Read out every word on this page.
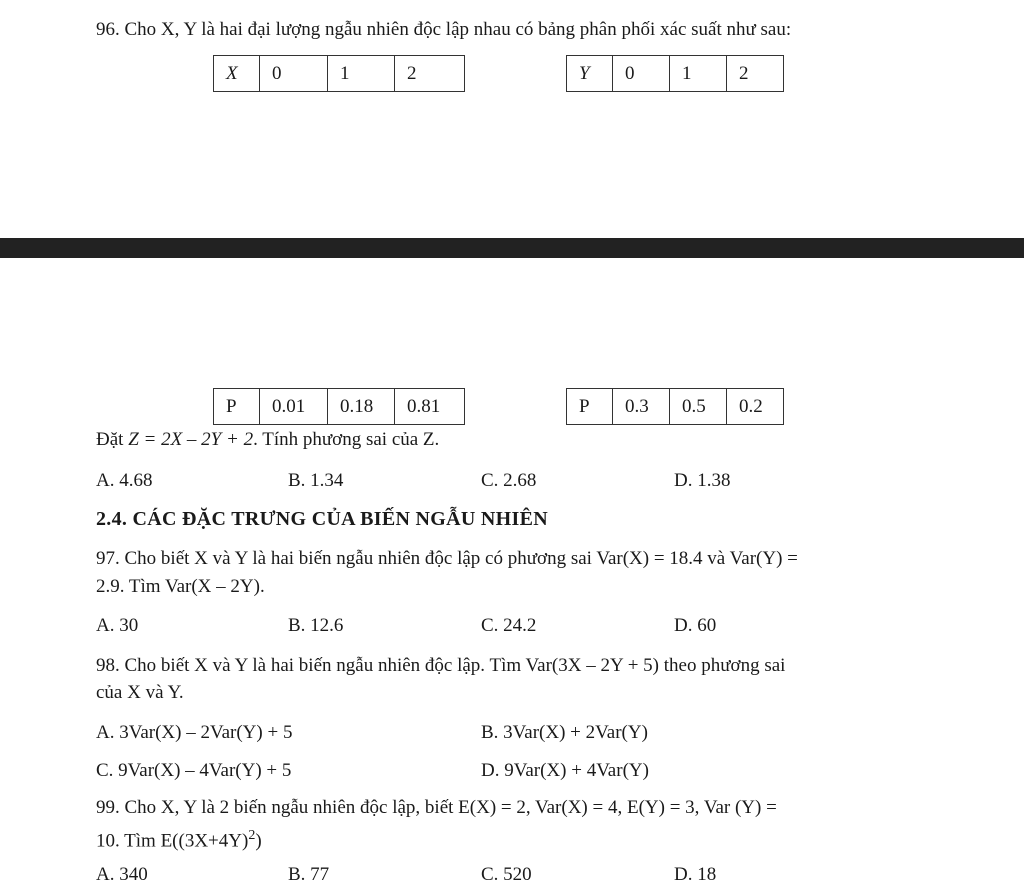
96. Cho X, Y là hai đại lượng ngẫu nhiên độc lập nhau có bảng phân phối xác suất như sau:
X	0	1	2	Y	0	1	2
P	0.01	0.18	0.81	P	0.3	0.5	0.2
Đặt Z = 2X – 2Y + 2. Tính phương sai của Z.
A. 4.68	B. 1.34	C. 2.68	D. 1.38
2.4. CÁC ĐẶC TRƯNG CỦA BIẾN NGẪU NHIÊN
97. Cho biết X và Y là hai biến ngẫu nhiên độc lập có phương sai Var(X) = 18.4 và Var(Y) =
2.9. Tìm Var(X – 2Y).
A. 30	B. 12.6	C. 24.2	D. 60
98. Cho biết X và Y là hai biến ngẫu nhiên độc lập. Tìm Var(3X – 2Y + 5) theo phương sai
của X và Y.
A. 3Var(X) – 2Var(Y) + 5	B. 3Var(X) + 2Var(Y)
C. 9Var(X) – 4Var(Y) + 5	D. 9Var(X) + 4Var(Y)
99. Cho X, Y là 2 biến ngẫu nhiên độc lập, biết E(X) = 2, Var(X) = 4, E(Y) = 3, Var (Y) =
10. Tìm $E((3X+4Y)^2)$
A. 340	B. 77	C. 520	D. 18
